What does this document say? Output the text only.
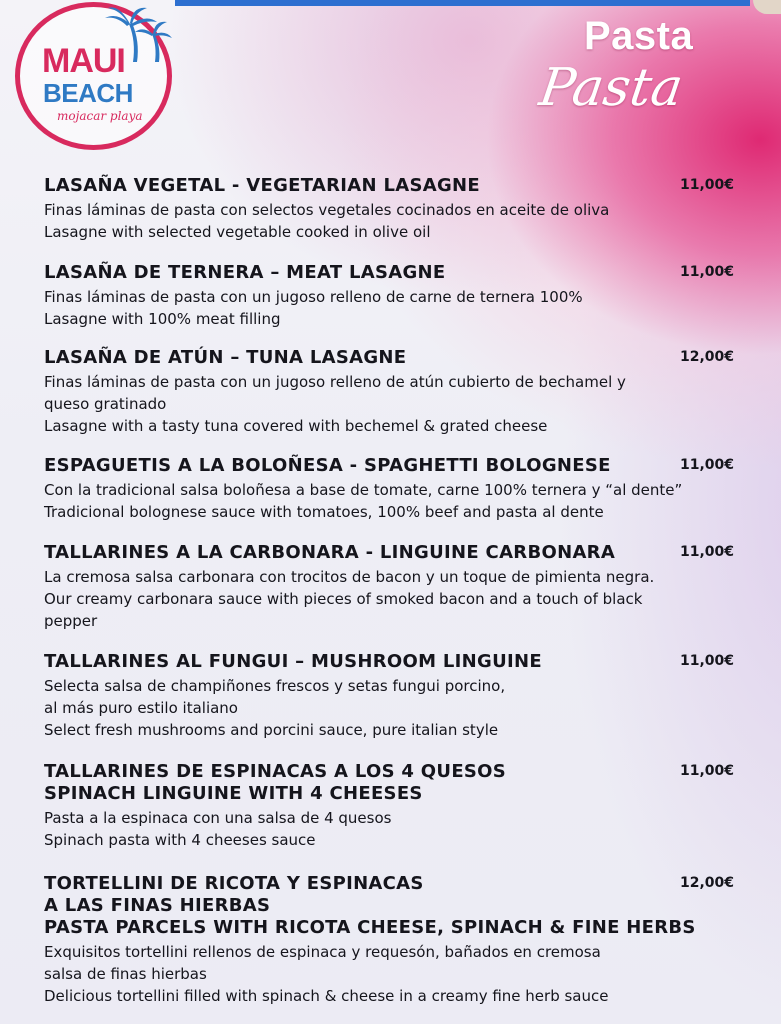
MAUI
BEACH
mojacar playa
Pasta
Pasta
LASAÑA VEGETAL - VEGETARIAN LASAGNE	11,00€
Finas láminas de pasta con selectos vegetales cocinados en aceite de oliva
Lasagne with selected vegetable cooked in olive oil
LASAÑA DE TERNERA – MEAT LASAGNE	11,00€
Finas láminas de pasta con un jugoso relleno de carne de ternera 100%
Lasagne with 100% meat filling
LASAÑA DE ATÚN – TUNA LASAGNE	12,00€
Finas láminas de pasta con un jugoso relleno de atún cubierto de bechamel y
queso gratinado
Lasagne with a tasty tuna covered with bechemel & grated cheese
ESPAGUETIS A LA BOLOÑESA - SPAGHETTI BOLOGNESE	11,00€
Con la tradicional salsa boloñesa a base de tomate, carne 100% ternera y “al dente”
Tradicional bolognese sauce with tomatoes, 100% beef and pasta al dente
TALLARINES A LA CARBONARA - LINGUINE CARBONARA	11,00€
La cremosa salsa carbonara con trocitos de bacon y un toque de pimienta negra.
Our creamy carbonara sauce with pieces of smoked bacon and a touch of black
pepper
TALLARINES AL FUNGUI – MUSHROOM LINGUINE	11,00€
Selecta salsa de champiñones frescos y setas fungui porcino,
al más puro estilo italiano
Select fresh mushrooms and porcini sauce, pure italian style
TALLARINES DE ESPINACAS A LOS 4 QUESOS
SPINACH LINGUINE WITH 4 CHEESES
11,00€
Pasta a la espinaca con una salsa de 4 quesos
Spinach pasta with 4 cheeses sauce
TORTELLINI DE RICOTA Y ESPINACAS
A LAS FINAS HIERBAS
PASTA PARCELS WITH RICOTA CHEESE, SPINACH & FINE HERBS
12,00€
Exquisitos tortellini rellenos de espinaca y requesón, bañados en cremosa
salsa de finas hierbas
Delicious tortellini filled with spinach & cheese in a creamy fine herb sauce
